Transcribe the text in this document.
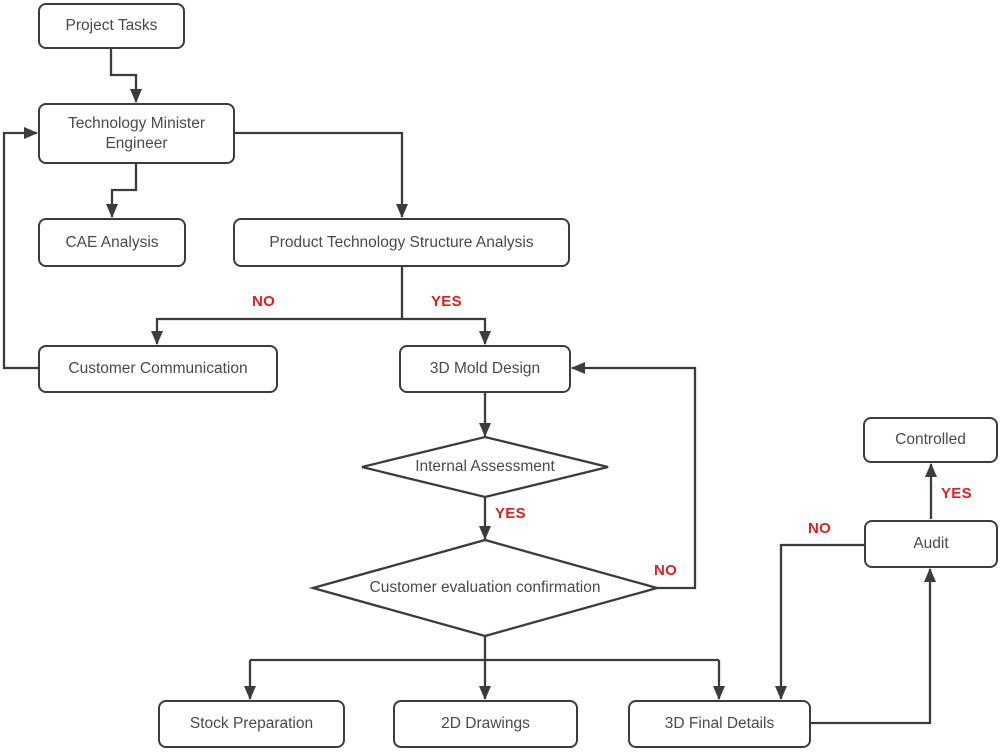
Project Tasks
Technology Minister Engineer
CAE Analysis	Product Technology Structure Analysis
Customer Communication	3D Mold Design
Controlled
Audit
Stock Preparation	2D Drawings	3D Final Details
Internal Assessment
Customer evaluation confirmation
NO	YES
YES
NO
NO
YES
